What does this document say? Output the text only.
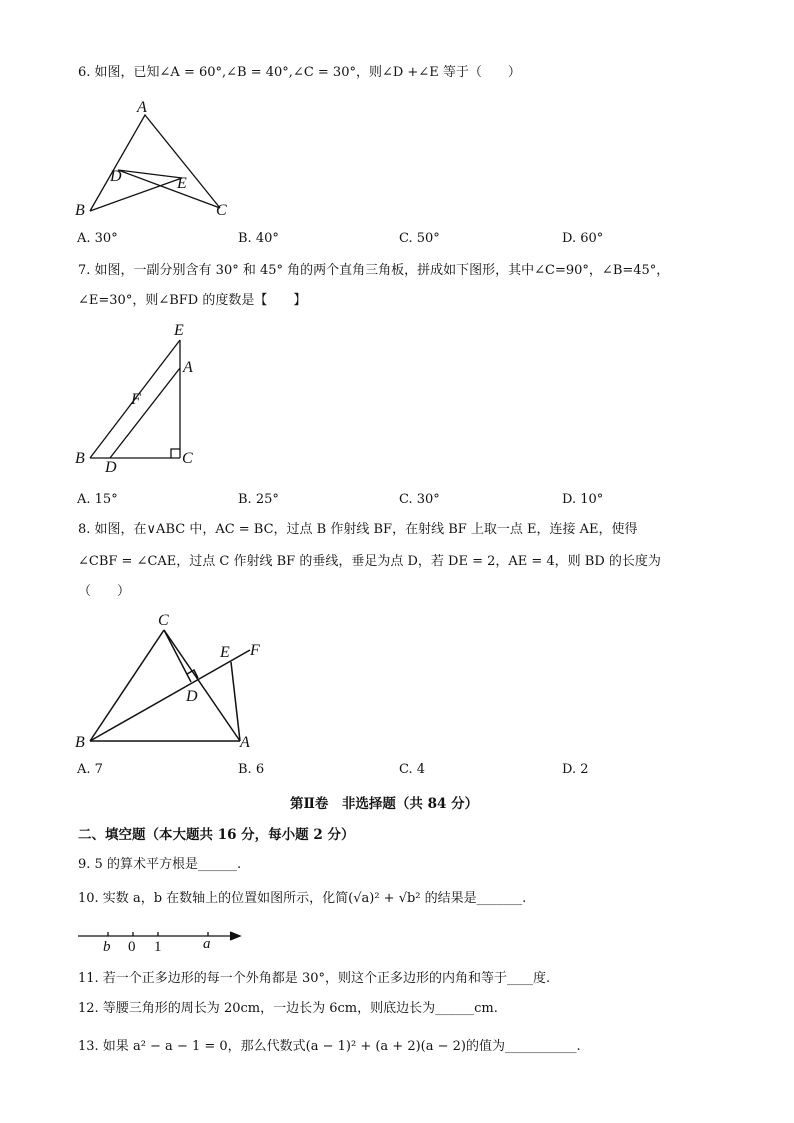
6. 如图，已知∠A = 60°,∠B = 40°,∠C = 30°，则∠D +∠E 等于（　　）
A
B	C
D	E
A. 30°	B. 40°	C. 50°	D. 60°
7. 如图，一副分别含有 30° 和 45° 角的两个直角三角板，拼成如下图形，其中∠C=90°，∠B=45°，
∠E=30°，则∠BFD 的度数是【　　】
E
A
F
B
D
C
A. 15°	B. 25°	C. 30°	D. 10°
8. 如图，在∨ABC 中，AC = BC，过点 B 作射线 BF，在射线 BF 上取一点 E，连接 AE，使得
∠CBF = ∠CAE，过点 C 作射线 BF 的垂线，垂足为点 D，若 DE = 2，AE = 4，则 BD 的长度为
（　　）
C
E F
D
B	A
A. 7	B. 6	C. 4	D. 2
第Ⅱ卷　非选择题（共 84 分）
二、填空题（本大题共 16 分，每小题 2 分）
9. 5 的算术平方根是______.
10. 实数 a，b 在数轴上的位置如图所示，化简(√a)² + √b² 的结果是_______.
b 0 1	a
11. 若一个正多边形的每一个外角都是 30°，则这个正多边形的内角和等于____度.
12. 等腰三角形的周长为 20cm，一边长为 6cm，则底边长为______cm.
13. 如果 a² − a − 1 = 0，那么代数式(a − 1)² + (a + 2)(a − 2)的值为___________.
